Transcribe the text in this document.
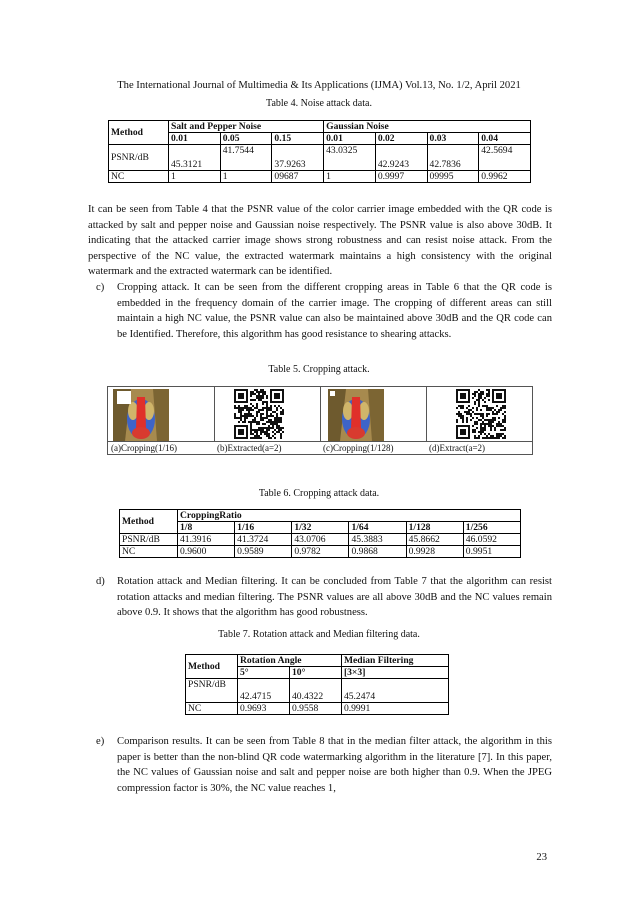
The International Journal of Multimedia & Its Applications (IJMA) Vol.13, No. 1/2, April 2021
Table 4. Noise attack data.
Method	Salt and Pepper Noise			Gaussian Noise			
	0.01	0.05	0.15	0.01	0.02	0.03	0.04
PSNR/dB	45.3121	41.7544	37.9263	43.0325	42.9243	42.7836	42.5694
NC	1	1	09687	1	0.9997	09995	0.9962

It can be seen from Table 4 that the PSNR value of the color carrier image embedded with the QR code is attacked by salt and pepper noise and Gaussian noise respectively. The PSNR value is also above 30dB. It indicating that the attacked carrier image shows strong robustness and can resist noise attack. From the perspective of the NC value, the extracted watermark maintains a high consistency with the original watermark and the extracted watermark can be identified.

c) Cropping attack. It can be seen from the different cropping areas in Table 6 that the QR code is embedded in the frequency domain of the carrier image. The cropping of different areas can still maintain a high NC value, the PSNR value can also be maintained above 30dB and the QR code can be Identified. Therefore, this algorithm has good resistance to shearing attacks.
Table 5. Cropping attack.
(a)Cropping(1/16)	(b)Extracted(a=2)	(c)Cropping(1/128)	(d)Extract(a=2)
Table 6. Cropping attack data.
Method	CroppingRatio					
	1/8	1/16	1/32	1/64	1/128	1/256
PSNR/dB	41.3916	41.3724	43.0706	45.3883	45.8662	46.0592
NC	0.9600	0.9589	0.9782	0.9868	0.9928	0.9951
d) Rotation attack and Median filtering. It can be concluded from Table 7 that the algorithm can resist rotation attacks and median filtering. The PSNR values are all above 30dB and the NC values remain above 0.9. It shows that the algorithm has good robustness.
Table 7. Rotation attack and Median filtering data.
Method	Rotation Angle		Median Filtering
	5°	10°	[3×3]
PSNR/dB	42.4715	40.4322	45.2474
NC	0.9693	0.9558	0.9991
e) Comparison results. It can be seen from Table 8 that in the median filter attack, the algorithm in this paper is better than the non-blind QR code watermarking algorithm in the literature [7]. In this paper, the NC values of Gaussian noise and salt and pepper noise are both higher than 0.9. When the JPEG compression factor is 30%, the NC value reaches 1,
23
